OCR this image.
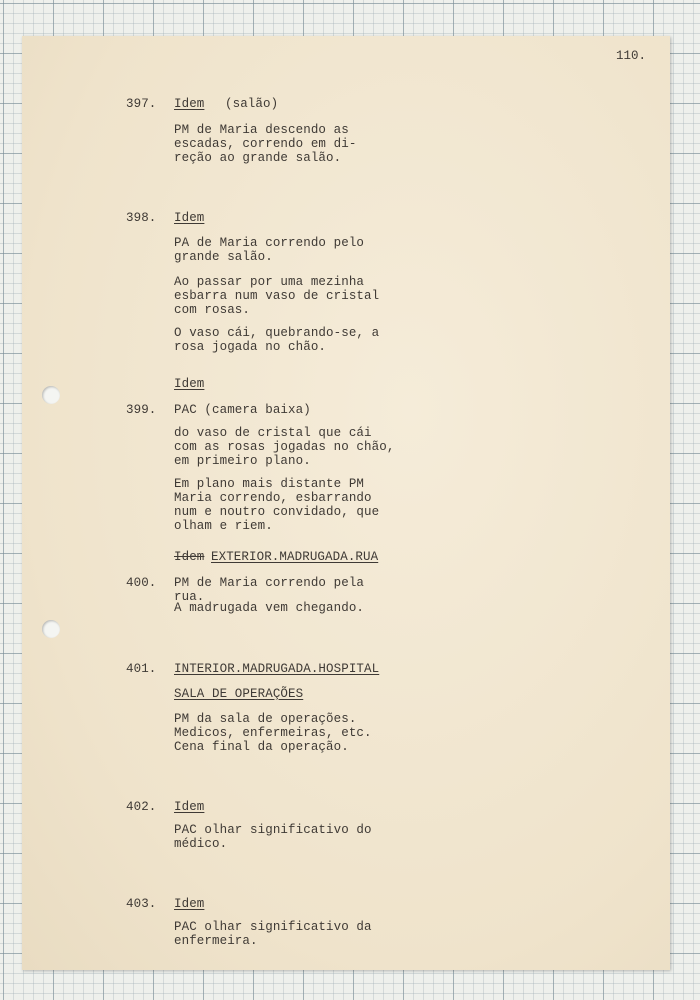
110.
397. Idem (salão)
PM de Maria descendo as
escadas, correndo em di-
reção ao grande salão.
398. Idem
PA de Maria correndo pelo
grande salão.
Ao passar por uma mezinha
esbarra num vaso de cristal
com rosas.
O vaso cái, quebrando-se, a
rosa jogada no chão.
Idem
399. PAC (camera baixa)
do vaso de cristal que cái
com as rosas jogadas no chão,
em primeiro plano.
Em plano mais distante PM
Maria correndo, esbarrando
num e noutro convidado, que
olham e riem.
Idem EXTERIOR.MADRUGADA.RUA
400. PM de Maria correndo pela
rua.
A madrugada vem chegando.
401. INTERIOR.MADRUGADA.HOSPITAL
SALA DE OPERAÇÕES
PM da sala de operações.
Medicos, enfermeiras, etc.
Cena final da operação.
402. Idem
PAC olhar significativo do
médico.
403. Idem
PAC olhar significativo da
enfermeira.
